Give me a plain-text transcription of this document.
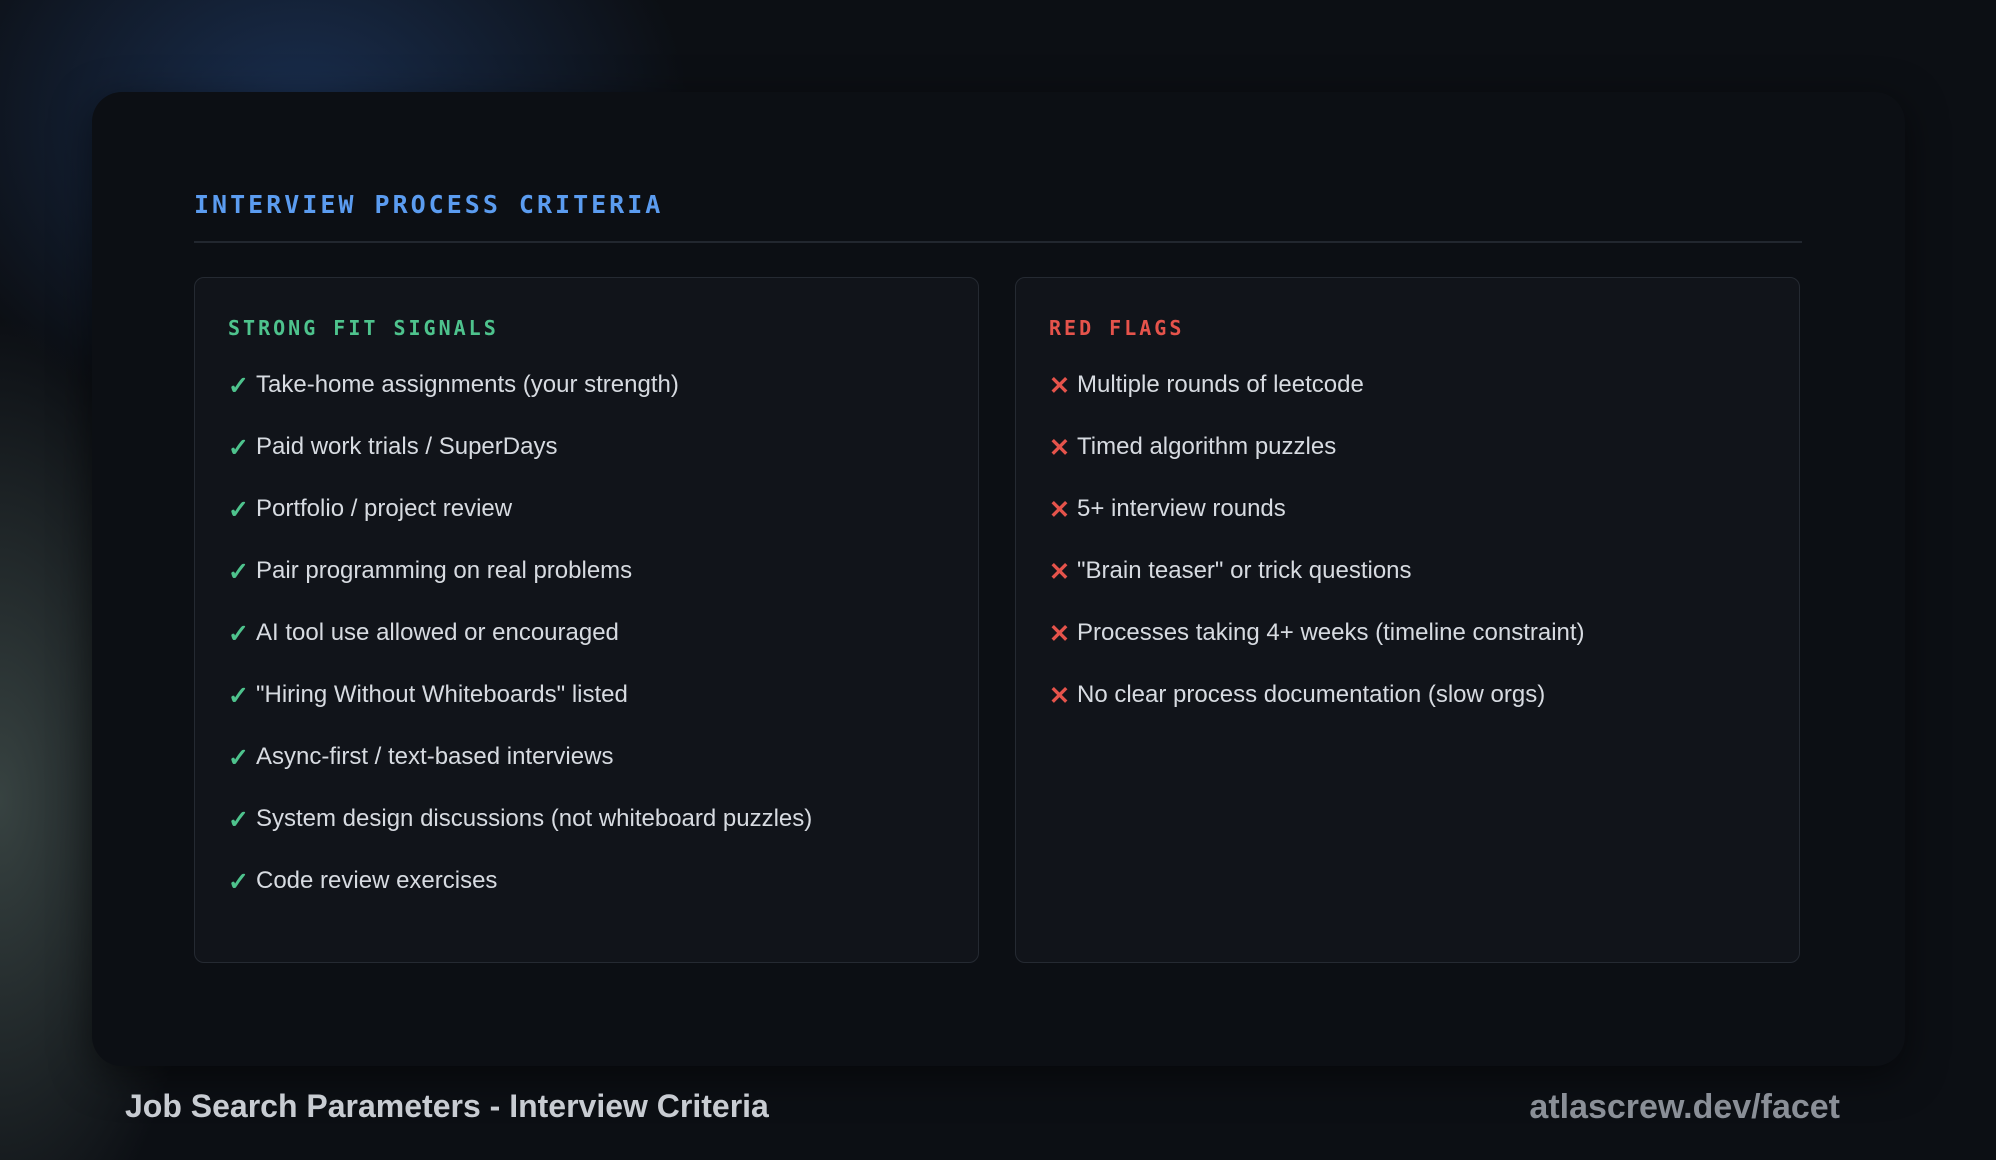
INTERVIEW PROCESS CRITERIA
STRONG FIT SIGNALS
✓ Take-home assignments (your strength)
✓ Paid work trials / SuperDays
✓ Portfolio / project review
✓ Pair programming on real problems
✓ AI tool use allowed or encouraged
✓ "Hiring Without Whiteboards" listed
✓ Async-first / text-based interviews
✓ System design discussions (not whiteboard puzzles)
✓ Code review exercises
RED FLAGS
✕ Multiple rounds of leetcode
✕ Timed algorithm puzzles
✕ 5+ interview rounds
✕ "Brain teaser" or trick questions
✕ Processes taking 4+ weeks (timeline constraint)
✕ No clear process documentation (slow orgs)
Job Search Parameters - Interview Criteria	atlascrew.dev/facet
